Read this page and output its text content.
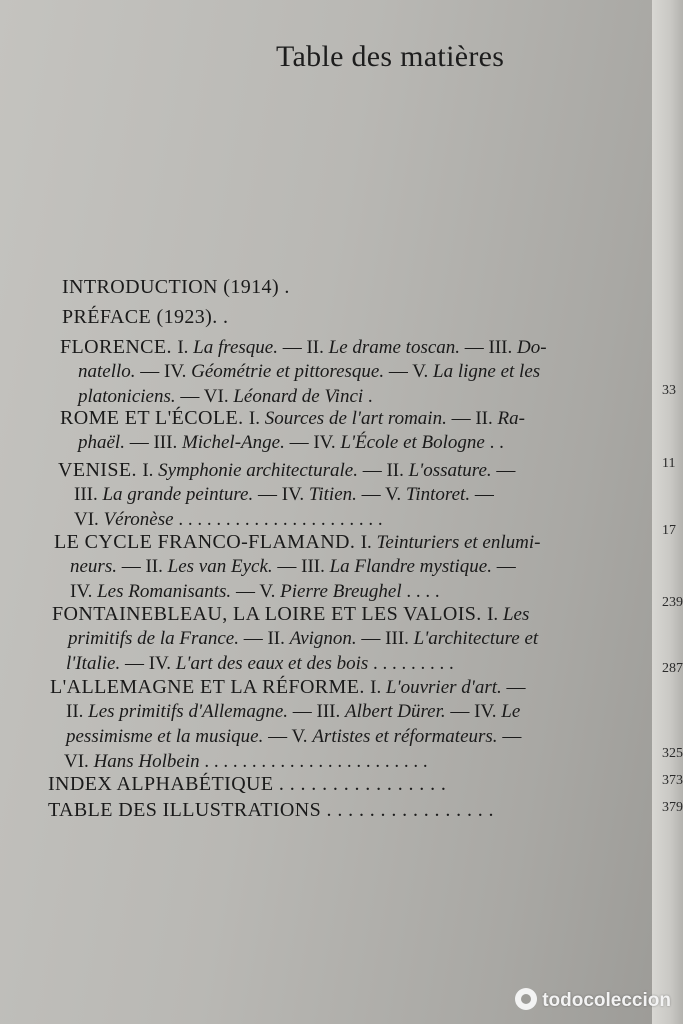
Table des matières
INTRODUCTION (1914) .
PRÉFACE (1923). .
FLORENCE. I. La fresque. — II. Le drame toscan. — III. Do-
natello. — IV. Géométrie et pittoresque. — V. La ligne et les
platoniciens. — VI. Léonard de Vinci .
ROME ET L'ÉCOLE. I. Sources de l'art romain. — II. Ra-
phaël. — III. Michel-Ange. — IV. L'École et Bologne . .
VENISE. I. Symphonie architecturale. — II. L'ossature. —
III. La grande peinture. — IV. Titien. — V. Tintoret. —
VI. Véronèse . . . . . . . . . . . . . . . . . . . . . .
LE CYCLE FRANCO-FLAMAND. I. Teinturiers et enlumi-
neurs. — II. Les van Eyck. — III. La Flandre mystique. —
IV. Les Romanisants. — V. Pierre Breughel . . . .
FONTAINEBLEAU, LA LOIRE ET LES VALOIS. I. Les
primitifs de la France. — II. Avignon. — III. L'architecture et
l'Italie. — IV. L'art des eaux et des bois . . . . . . . . .
L'ALLEMAGNE ET LA RÉFORME. I. L'ouvrier d'art. —
II. Les primitifs d'Allemagne. — III. Albert Dürer. — IV. Le
pessimisme et la musique. — V. Artistes et réformateurs. —
VI. Hans Holbein . . . . . . . . . . . . . . . . . . . . . . . .
INDEX ALPHABÉTIQUE . . . . . . . . . . . . . . . .
TABLE DES ILLUSTRATIONS . . . . . . . . . . . . . . . .
33
11
17
239
287
325
373
379
todocoleccion
